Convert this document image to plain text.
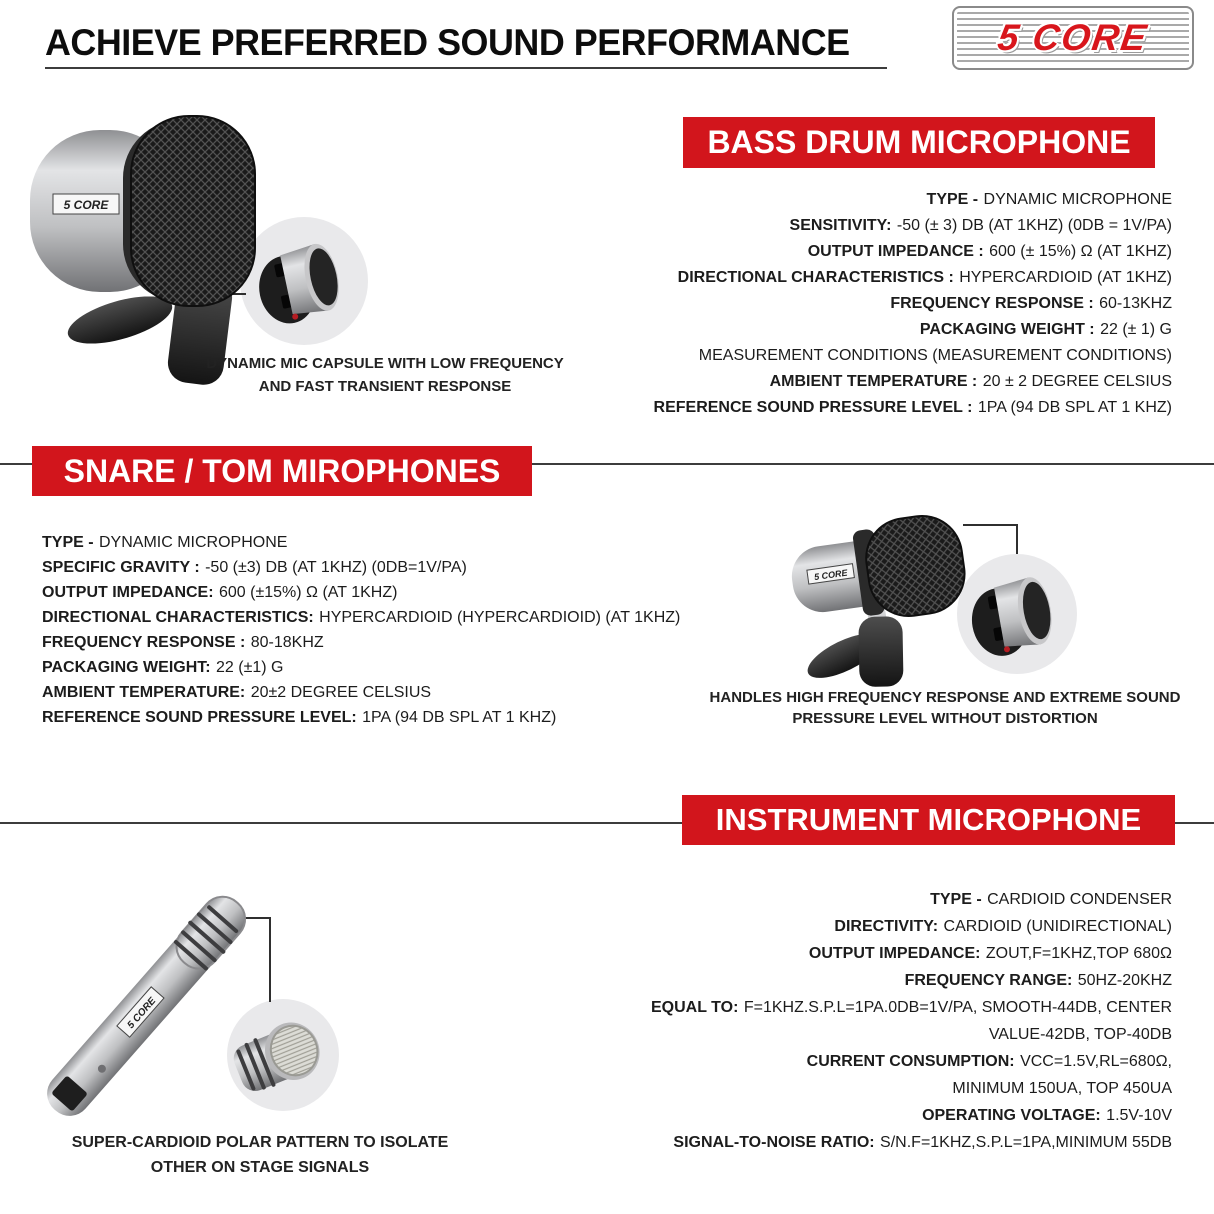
ACHIEVE PREFERRED SOUND PERFORMANCE	5 CORE
BASS DRUM MICROPHONE
SNARE / TOM MIROPHONES
INSTRUMENT MICROPHONE
TYPE - DYNAMIC MICROPHONE
SENSITIVITY: -50 (± 3) DB (AT 1KHZ) (0DB = 1V/PA)
OUTPUT IMPEDANCE : 600 (± 15%) Ω (AT 1KHZ)
DIRECTIONAL CHARACTERISTICS : HYPERCARDIOID (AT 1KHZ)
FREQUENCY RESPONSE : 60-13KHZ
PACKAGING WEIGHT : 22 (± 1) G
MEASUREMENT CONDITIONS (MEASUREMENT CONDITIONS)
AMBIENT TEMPERATURE : 20 ± 2 DEGREE CELSIUS
REFERENCE SOUND PRESSURE LEVEL : 1PA (94 DB SPL AT 1 KHZ)
TYPE - DYNAMIC MICROPHONE
SPECIFIC GRAVITY : -50 (±3) DB (AT 1KHZ) (0DB=1V/PA)
OUTPUT IMPEDANCE: 600 (±15%) Ω (AT 1KHZ)
DIRECTIONAL CHARACTERISTICS: HYPERCARDIOID (HYPERCARDIOID) (AT 1KHZ)
FREQUENCY RESPONSE : 80-18KHZ
PACKAGING WEIGHT: 22 (±1) G
AMBIENT TEMPERATURE: 20±2 DEGREE CELSIUS
REFERENCE SOUND PRESSURE LEVEL: 1PA (94 DB SPL AT 1 KHZ)
TYPE - CARDIOID CONDENSER
DIRECTIVITY: CARDIOID (UNIDIRECTIONAL)
OUTPUT IMPEDANCE: ZOUT,F=1KHZ,TOP 680Ω
FREQUENCY RANGE: 50HZ-20KHZ
EQUAL TO: F=1KHZ.S.P.L=1PA.0DB=1V/PA, SMOOTH-44DB, CENTER
VALUE-42DB, TOP-40DB
CURRENT CONSUMPTION: VCC=1.5V,RL=680Ω,
MINIMUM 150UA, TOP 450UA
OPERATING VOLTAGE: 1.5V-10V
SIGNAL-TO-NOISE RATIO: S/N.F=1KHZ,S.P.L=1PA,MINIMUM 55DB
5 CORE
DYNAMIC MIC CAPSULE WITH LOW FREQUENCY
AND FAST TRANSIENT RESPONSE
5 CORE
HANDLES HIGH FREQUENCY RESPONSE AND EXTREME SOUND
PRESSURE LEVEL WITHOUT DISTORTION
5 CORE
SUPER-CARDIOID POLAR PATTERN TO ISOLATE
OTHER ON STAGE SIGNALS
